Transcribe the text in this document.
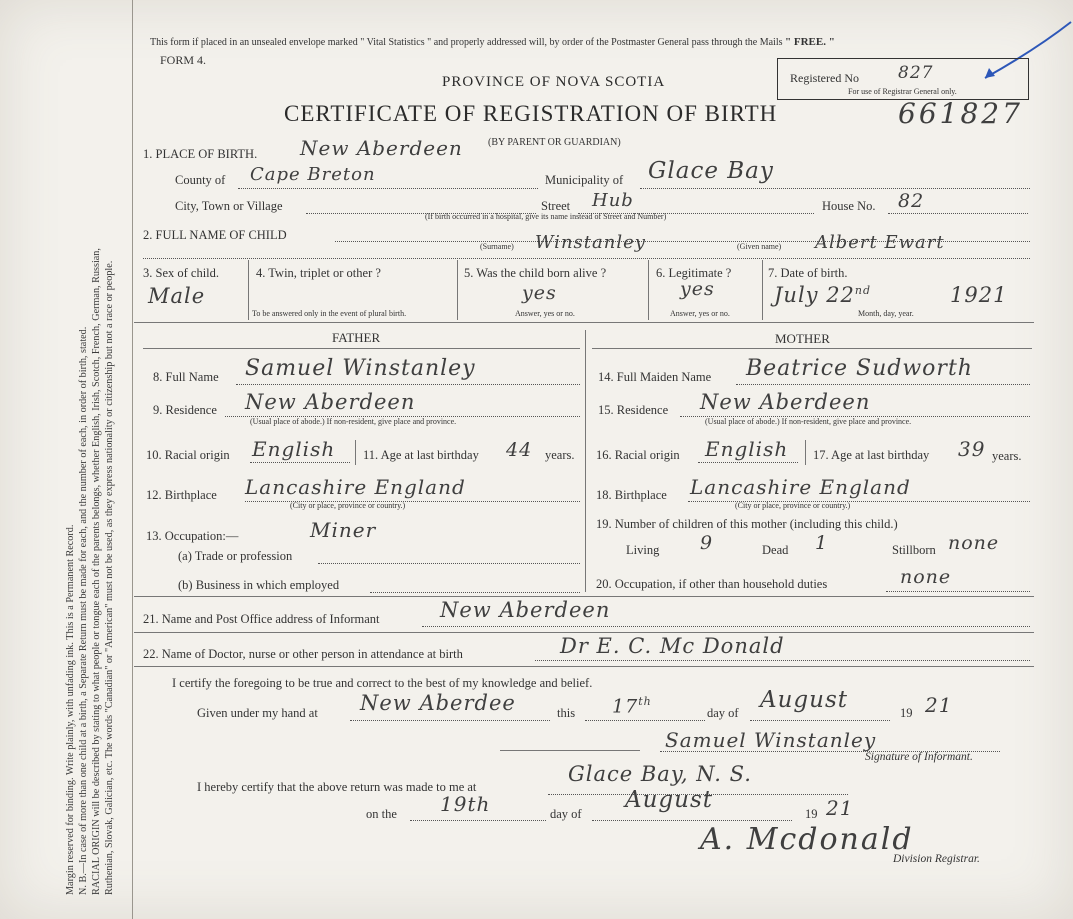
Margin reserved for binding. Write plainly, with unfading ink. This is a Permanent Record. N. B.—In case of more than one child at a birth, a Separate Return must be made for each, and the number of each, in order of birth, stated. RACIAL ORIGIN will be described by stating to what people or tongue each of the parents belongs, whether English, Irish, Scotch, French, German, Russian, Ruthenian, Slovak, Galician, etc. The words "Canadian" or "American" must not be used, as they express nationality or citizenship but not a race or people.
This form if placed in an unsealed envelope marked " Vital Statistics " and properly addressed will, by order of the Postmaster General pass through the Mails " FREE. "
FORM 4.
PROVINCE OF NOVA SCOTIA	Registered No 827
For use of Registrar General only.
CERTIFICATE OF REGISTRATION OF BIRTH	661827
1. PLACE OF BIRTH. New Aberdeen	(BY PARENT OR GUARDIAN)
County of Cape Breton	Municipality of Glace Bay
City, Town or Village	Street Hub	House No. 82
(If birth occurred in a hospital, give its name instead of Street and Number)
2. FULL NAME OF CHILD
(Surname) Winstanley	(Given name) Albert Ewart
3. Sex of child.
Male
4. Twin, triplet or other ?
To be answered only in the event of plural birth.
5. Was the child born alive ?
yes
Answer, yes or no.
6. Legitimate ?
yes
Answer, yes or no.
7. Date of birth.
July 22nd	1921
Month, day, year.
FATHER	MOTHER
8. Full Name Samuel Winstanley
9. Residence New Aberdeen
(Usual place of abode.) If non-resident, give place and province.
10. Racial origin English 11. Age at last birthday 44 years.
12. Birthplace Lancashire England
(City or place, province or country.)
13. Occupation:—	Miner
(a) Trade or profession
(b) Business in which employed
14. Full Maiden Name Beatrice Sudworth
15. Residence New Aberdeen
(Usual place of abode.) If non-resident, give place and province.
16. Racial origin English 17. Age at last birthday 39 years.
18. Birthplace Lancashire England
(City or place, province or country.)
19. Number of children of this mother (including this child.)
Living 9	Dead 1	Stillborn none
20. Occupation, if other than household duties	none
21. Name and Post Office address of Informant	New Aberdeen
22. Name of Doctor, nurse or other person in attendance at birth	Dr E. C. Mc Donald
I certify the foregoing to be true and correct to the best of my knowledge and belief.
Given under my hand at New Aberdee	this 17th
day of August	19 21
Samuel Winstanley
Signature of Informant.
I hereby certify that the above return was made to me at
Glace Bay, N. S.
on the 19th	day of
August
19 21
A. Mcdonald
Division Registrar.
